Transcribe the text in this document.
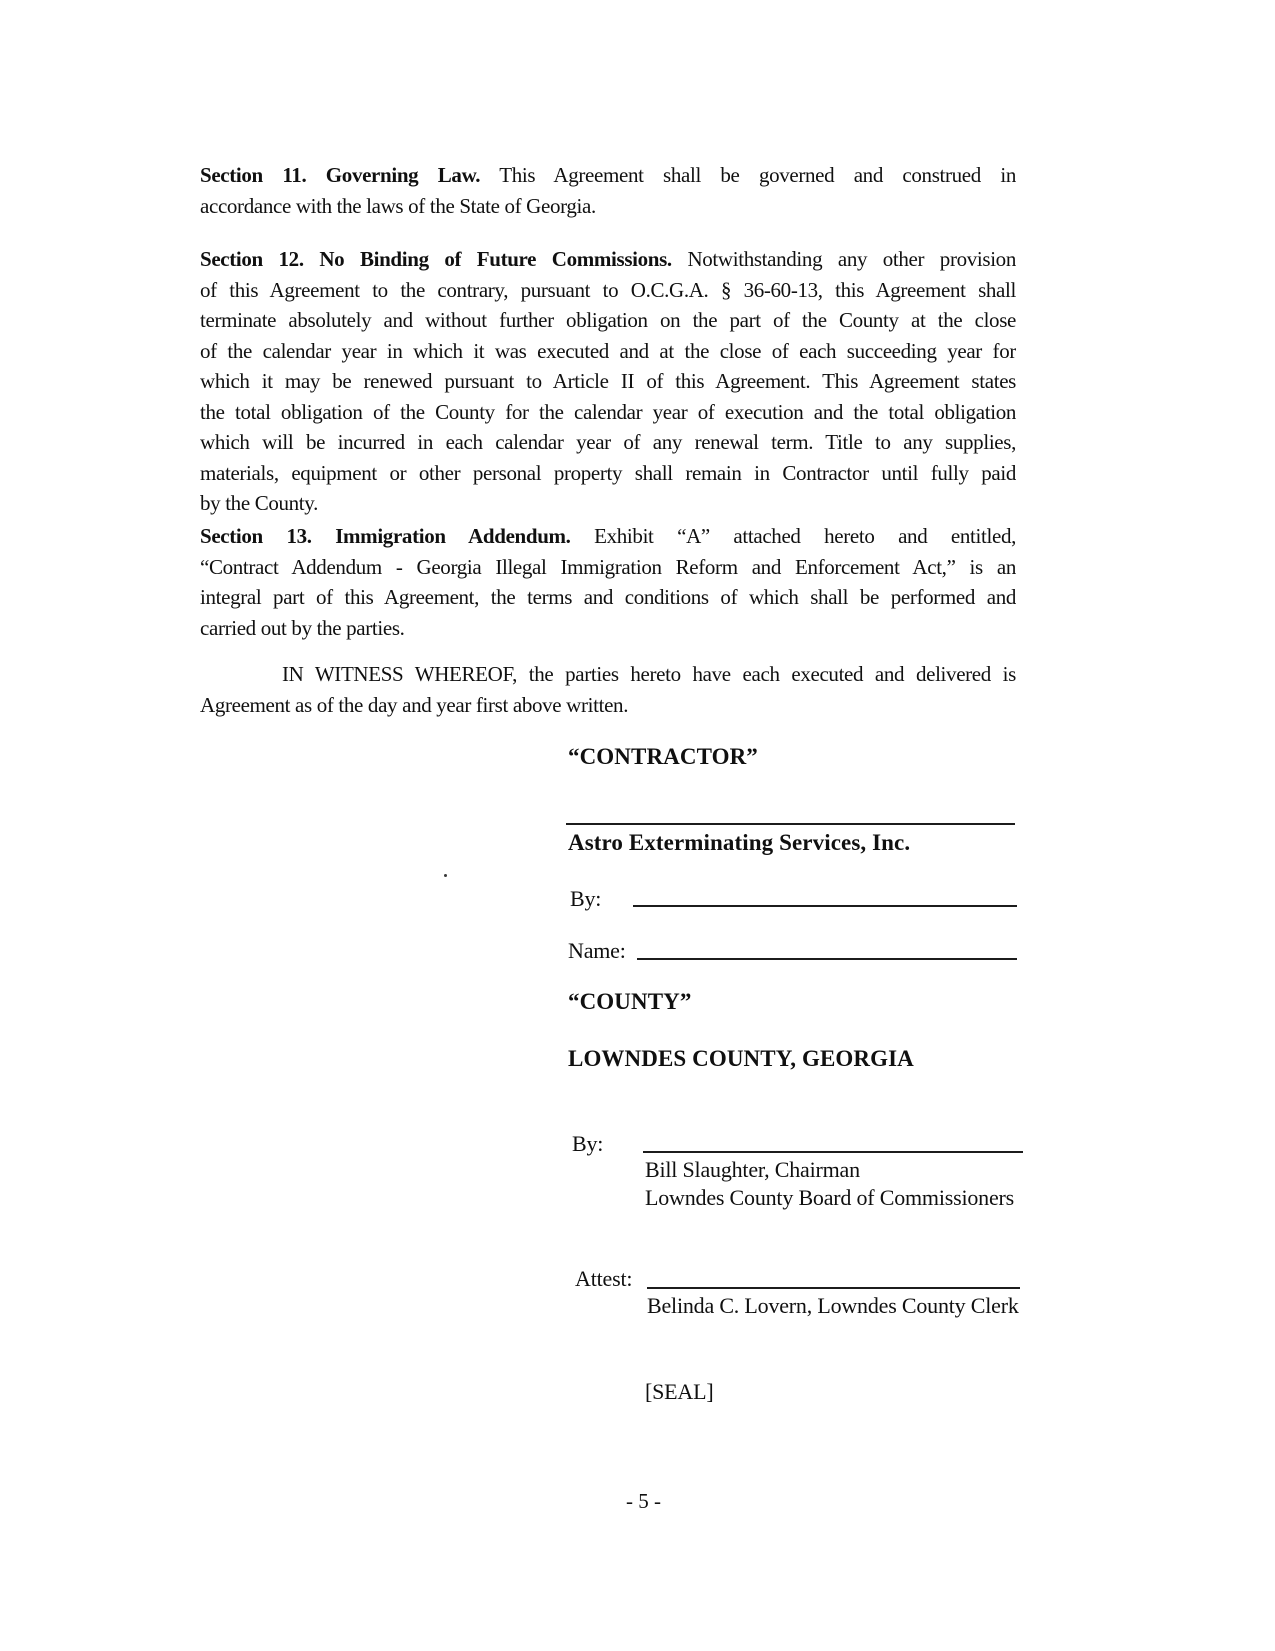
Section 11. Governing Law. This Agreement shall be governed and construed in
accordance with the laws of the State of Georgia.
Section 12. No Binding of Future Commissions. Notwithstanding any other provision
of this Agreement to the contrary, pursuant to O.C.G.A. § 36-60-13, this Agreement shall
terminate absolutely and without further obligation on the part of the County at the close
of the calendar year in which it was executed and at the close of each succeeding year for
which it may be renewed pursuant to Article II of this Agreement. This Agreement states
the total obligation of the County for the calendar year of execution and the total obligation
which will be incurred in each calendar year of any renewal term. Title to any supplies,
materials, equipment or other personal property shall remain in Contractor until fully paid
by the County.
Section 13. Immigration Addendum. Exhibit “A” attached hereto and entitled,
“Contract Addendum - Georgia Illegal Immigration Reform and Enforcement Act,” is an
integral part of this Agreement, the terms and conditions of which shall be performed and
carried out by the parties.
IN WITNESS WHEREOF, the parties hereto have each executed and delivered is
Agreement as of the day and year first above written.
“CONTRACTOR”
Astro Exterminating Services, Inc.
By:
Name:
“COUNTY”
LOWNDES COUNTY, GEORGIA
By:
Bill Slaughter, Chairman
Lowndes County Board of Commissioners
Attest:
Belinda C. Lovern, Lowndes County Clerk
[SEAL]
- 5 -
